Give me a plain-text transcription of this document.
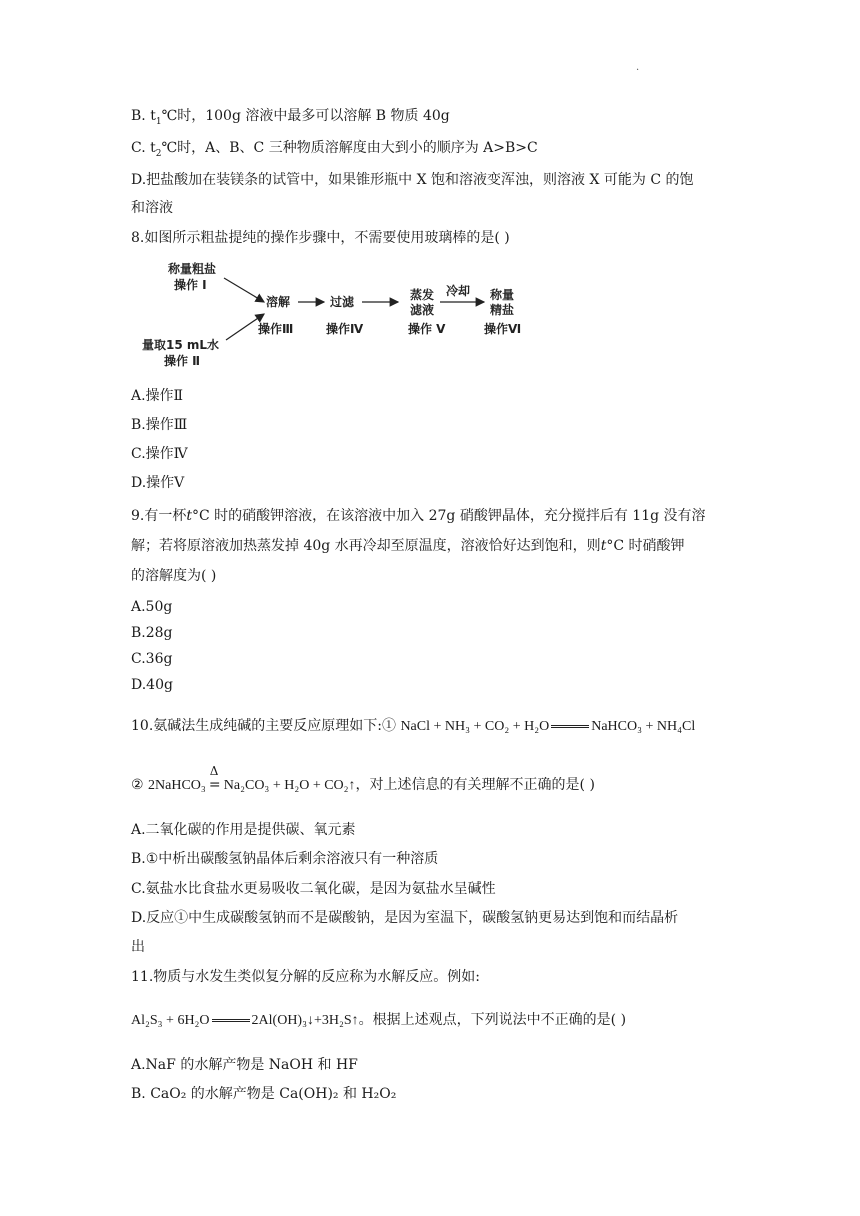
.
B. $t_1℃$时，100g 溶液中最多可以溶解 B 物质 40g
C. $t_2℃$时，A、B、C 三种物质溶解度由大到小的顺序为 A>B>C
D.把盐酸加在装镁条的试管中，如果锥形瓶中 X 饱和溶液变浑浊，则溶液 X 可能为 C 的饱
和溶液
8.如图所示粗盐提纯的操作步骤中，不需要使用玻璃棒的是( )
称量粗盐
操作 Ⅰ
量取15 mL水
操作 Ⅱ
溶解
操作Ⅲ
过滤
操作Ⅳ
蒸发
滤液
操作 Ⅴ
冷却 称量
精盐
操作Ⅵ
A.操作Ⅱ
B.操作Ⅲ
C.操作Ⅳ
D.操作Ⅴ
9.有一杯t°C 时的硝酸钾溶液，在该溶液中加入 27g 硝酸钾晶体，充分搅拌后有 11g 没有溶
解；若将原溶液加热蒸发掉 40g 水再冷却至原温度，溶液恰好达到饱和，则t°C 时硝酸钾
的溶解度为( )
A.50g
B.28g
C.36g
D.40g
10.氨碱法生成纯碱的主要反应原理如下:① NaCl + NH₃ + CO₂ + H₂O	NaHCO₃ + NH₄Cl
② 2NaHCO₃
Δ
= Na₂CO₃ + H₂O + CO₂↑，对上述信息的有关理解不正确的是( )
A.二氧化碳的作用是提供碳、氧元素
B.①中析出碳酸氢钠晶体后剩余溶液只有一种溶质
C.氨盐水比食盐水更易吸收二氧化碳，是因为氨盐水呈碱性
D.反应①中生成碳酸氢钠而不是碳酸钠，是因为室温下，碳酸氢钠更易达到饱和而结晶析
出
11.物质与水发生类似复分解的反应称为水解反应。例如:
Al₂S₃ + 6H₂O	2Al(OH)₃↓+3H₂S↑。根据上述观点，下列说法中不正确的是( )
A.NaF 的水解产物是 NaOH 和 HF
B. CaO₂ 的水解产物是 Ca(OH)₂ 和 H₂O₂
